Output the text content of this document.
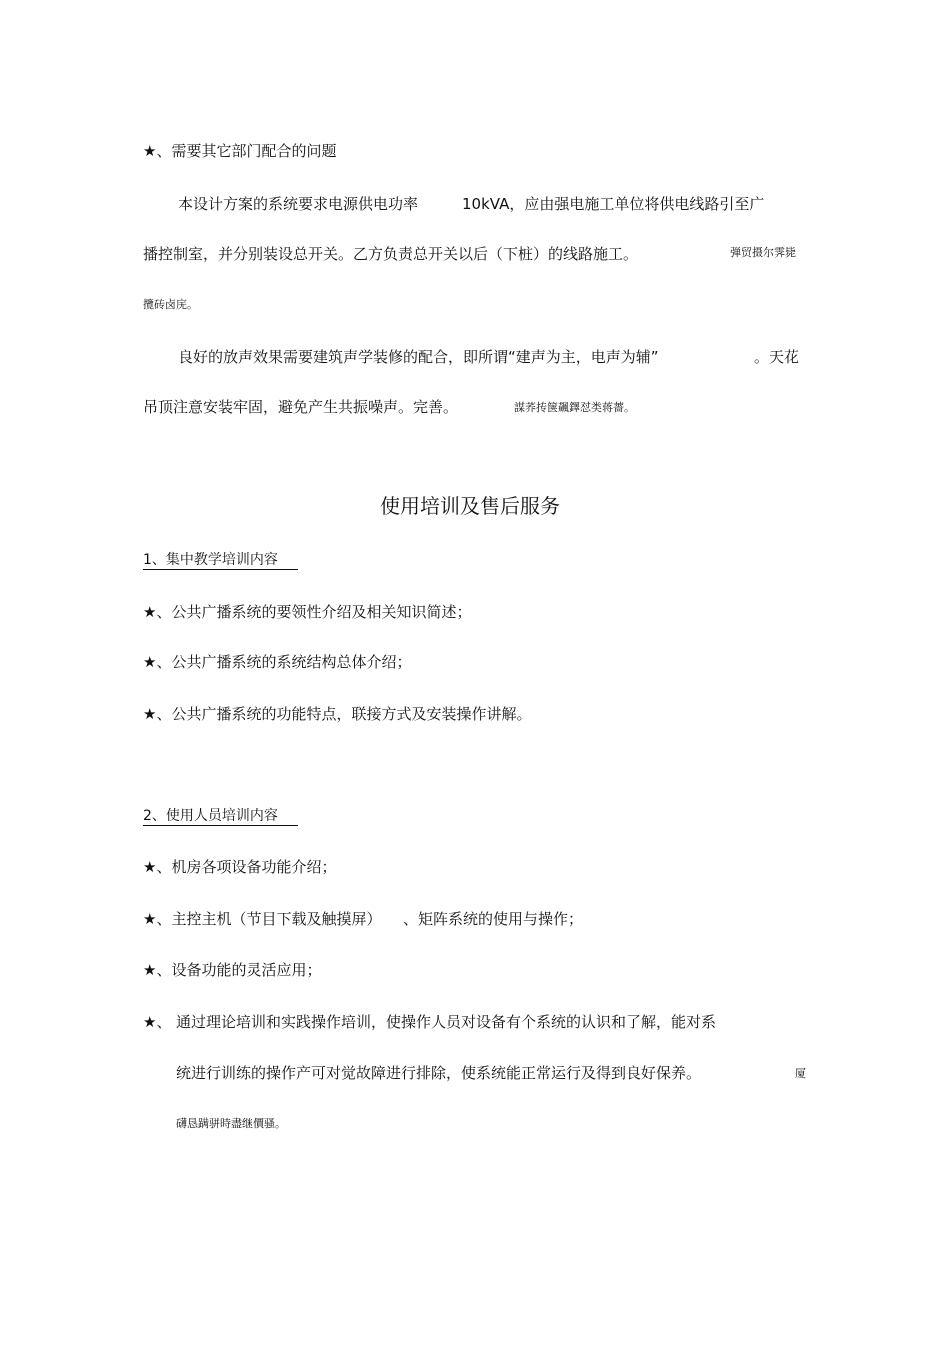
★、需要其它部门配合的问题
本设计方案的系统要求电源供电功率	10kVA，应由强电施工单位将供电线路引至广
播控制室，并分别装设总开关。乙方负责总开关以后（下桩）的线路施工。	弾贸摄尔霁毙
攬砖卤庑。
良好的放声效果需要建筑声学装修的配合，即所谓“建声为主，电声为辅”	。天花
吊顶注意安装牢固，避免产生共振噪声。完善。	謀荞抟箧飆鐸怼类蒋薔。
使用培训及售后服务
1、集中教学培训内容
★、公共广播系统的要领性介绍及相关知识简述；
★、公共广播系统的系统结构总体介绍；
★、公共广播系统的功能特点，联接方式及安装操作讲解。
2、使用人员培训内容
★、机房各项设备功能介绍；
★、主控主机（节目下载及触摸屏） 、矩阵系统的使用与操作；
★、设备功能的灵活应用；
★、 通过理论培训和实践操作培训，使操作人员对设备有个系统的认识和了解，能对系
统进行训练的操作产可对觉故障进行排除，使系统能正常运行及得到良好保养。	厦
礴恳蹒骈時盡继價骚。
